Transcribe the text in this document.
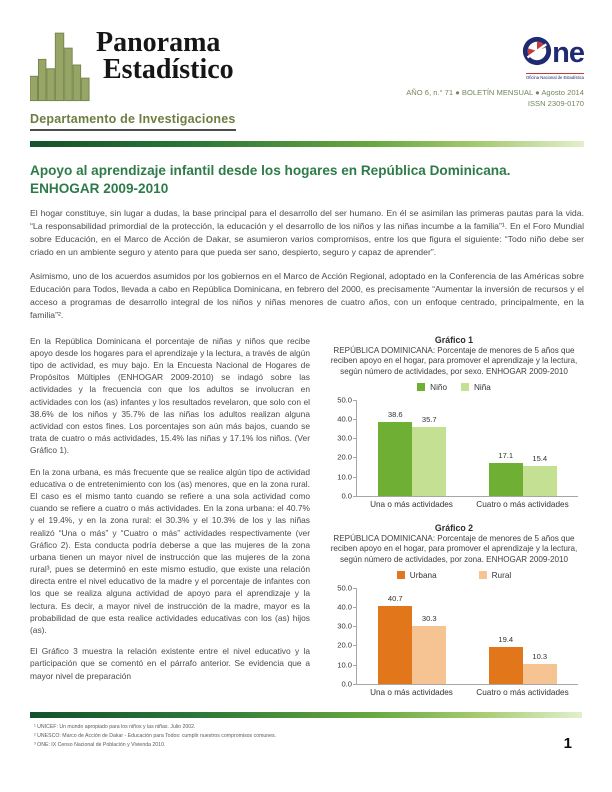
Panorama
Estadístico
Departamento de Investigaciones
ne
Oficina Nacional de Estadística
AÑO 6, n.° 71 ● BOLETÍN MENSUAL ● Agosto 2014
ISSN 2309-0170
Apoyo al aprendizaje infantil desde los hogares en República Dominicana.
ENHOGAR 2009-2010

El hogar constituye, sin lugar a dudas, la base principal para el desarrollo del ser humano. En él se asimilan las primeras pautas para la vida. “La responsabilidad primordial de la protección, la educación y el desarrollo de los niños y las niñas incumbe a la familia”¹. En el Foro Mundial sobre Educación, en el Marco de Acción de Dakar, se asumieron varios compromisos, entre los que figura el siguiente: “Todo niño debe ser criado en un ambiente seguro y atento para que pueda ser sano, despierto, seguro y capaz de aprender”.

Asimismo, uno de los acuerdos asumidos por los gobiernos en el Marco de Acción Regional, adoptado en la Conferencia de las Américas sobre Educación para Todos, llevada a cabo en República Dominicana, en febrero del 2000, es precisamente “Aumentar la inversión de recursos y el acceso a programas de desarrollo integral de los niños y niñas menores de cuatro años, con un enfoque centrado, principalmente, en la familia”².

En la República Dominicana el porcentaje de niñas y niños que recibe apoyo desde los hogares para el aprendizaje y la lectura, a través de algún tipo de actividad, es muy bajo. En la Encuesta Nacional de Hogares de Propósitos Múltiples (ENHOGAR 2009-2010) se indagó sobre las actividades y la frecuencia con que los adultos se involucran en actividades con los (as) infantes y los resultados revelaron, que solo con el 38.6% de los niños y 35.7% de las niñas los adultos realizan alguna actividad con estos fines. Los porcentajes son aún más bajos, cuando se trata de cuatro o más actividades, 15.4% las niñas y 17.1% los niños. (Ver Gráfico 1).

En la zona urbana, es más frecuente que se realice algún tipo de actividad educativa o de entretenimiento con los (as) menores, que en la zona rural. El caso es el mismo tanto cuando se refiere a una sola actividad como cuando se refiere a cuatro o más actividades. En la zona urbana: el 40.7% y el 19.4%, y en la zona rural: el 30.3% y el 10.3% de los y las niñas realizó “Una o más” y “Cuatro o más” actividades respectivamente (ver Gráfico 2). Esta conducta podría deberse a que las mujeres de la zona urbana tienen un mayor nivel de instrucción que las mujeres de la zona rural³, pues se determinó en este mismo estudio, que existe una relación directa entre el nivel educativo de la madre y el porcentaje de infantes con los que se realiza alguna actividad de apoyo para el aprendizaje y la lectura. Es decir, a mayor nivel de instrucción de la madre, mayor es la probabilidad de que esta realice actividades educativas con los (as) hijos (as).

El Gráfico 3 muestra la relación existente entre el nivel educativo y la participación que se comentó en el párrafo anterior. Se evidencia que a mayor nivel de preparación

Gráfico 1
REPÚBLICA DOMINICANA: Porcentaje de menores de 5 años que reciben apoyo en el hogar, para promover el aprendizaje y la lectura, según número de actividades, por sexo. ENHOGAR 2009-2010
Niño	Niña
50.0
40.0
30.0
20.0
10.0
0.0
38.6
35.7
17.1	15.4
Una o más actividades	Cuatro o más actividades
Gráfico 2
REPÚBLICA DOMINICANA: Porcentaje de menores de 5 años que reciben apoyo en el hogar, para promover el aprendizaje y la lectura, según número de actividades, por zona. ENHOGAR 2009-2010
Urbana	Rural
50.0
40.0
30.0
20.0
10.0
0.0
40.7
30.3
19.4
10.3
Una o más actividades	Cuatro o más actividades
¹ UNICEF: Un mundo apropiado para los niños y las niñas. Julio 2002.
² UNESCO: Marco de Acción de Dakar - Educación para Todos: cumplir nuestros compromisos comunes.
³ ONE: IX Censo Nacional de Población y Vivienda 2010.	1
